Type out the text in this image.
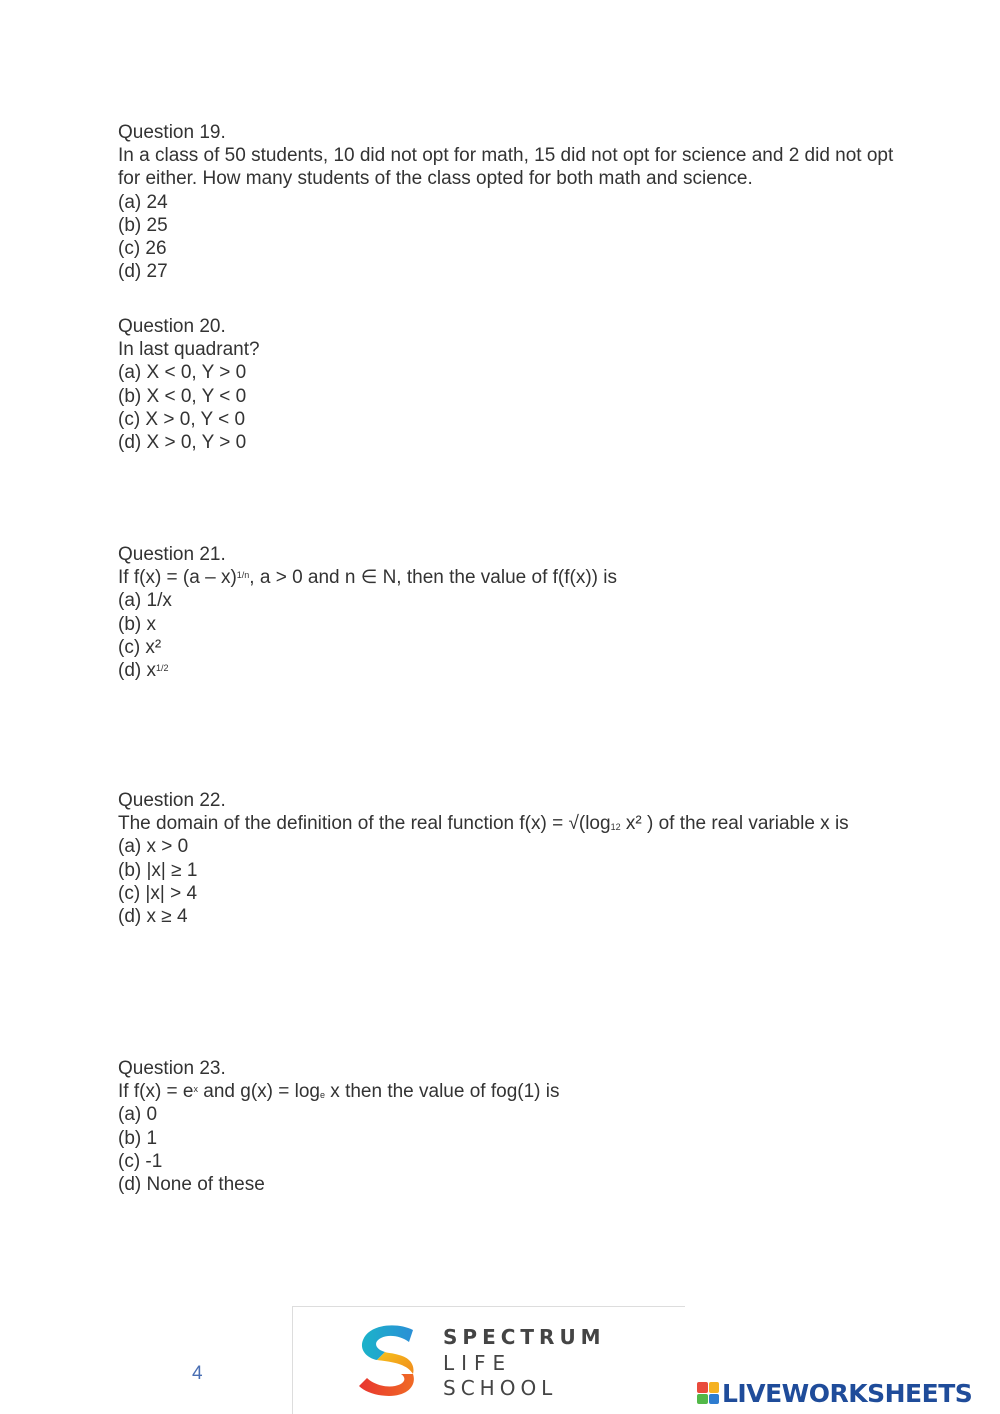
Question 19.
In a class of 50 students, 10 did not opt for math, 15 did not opt for science and 2 did not opt for either. How many students of the class opted for both math and science.
(a) 24
(b) 25
(c) 26
(d) 27
Question 20.
In last quadrant?
(a) X < 0, Y > 0
(b) X < 0, Y < 0
(c) X > 0, Y < 0
(d) X > 0, Y > 0
Question 21.
If f(x) = (a – x)$^{1/n}$, a > 0 and n ∈ N, then the value of f(f(x)) is
(a) 1/x
(b) x
(c) x²
(d) $x^{1/2}$
Question 22.
The domain of the definition of the real function $f(x) = √(\log_{12}$ x² ) of the real variable x is
(a) x > 0
(b) |x| ≥ 1
(c) |x| > 4
(d) x ≥ 4
Question 23.
If $f(x) = e^x$ and $g(x) = \log_e x$ then the value of fog(1) is
(a) 0
(b) 1
(c) -1
(d) None of these
4
SPECTRUM
LIFE
SCHOOL	LIVEWORKSHEETS
